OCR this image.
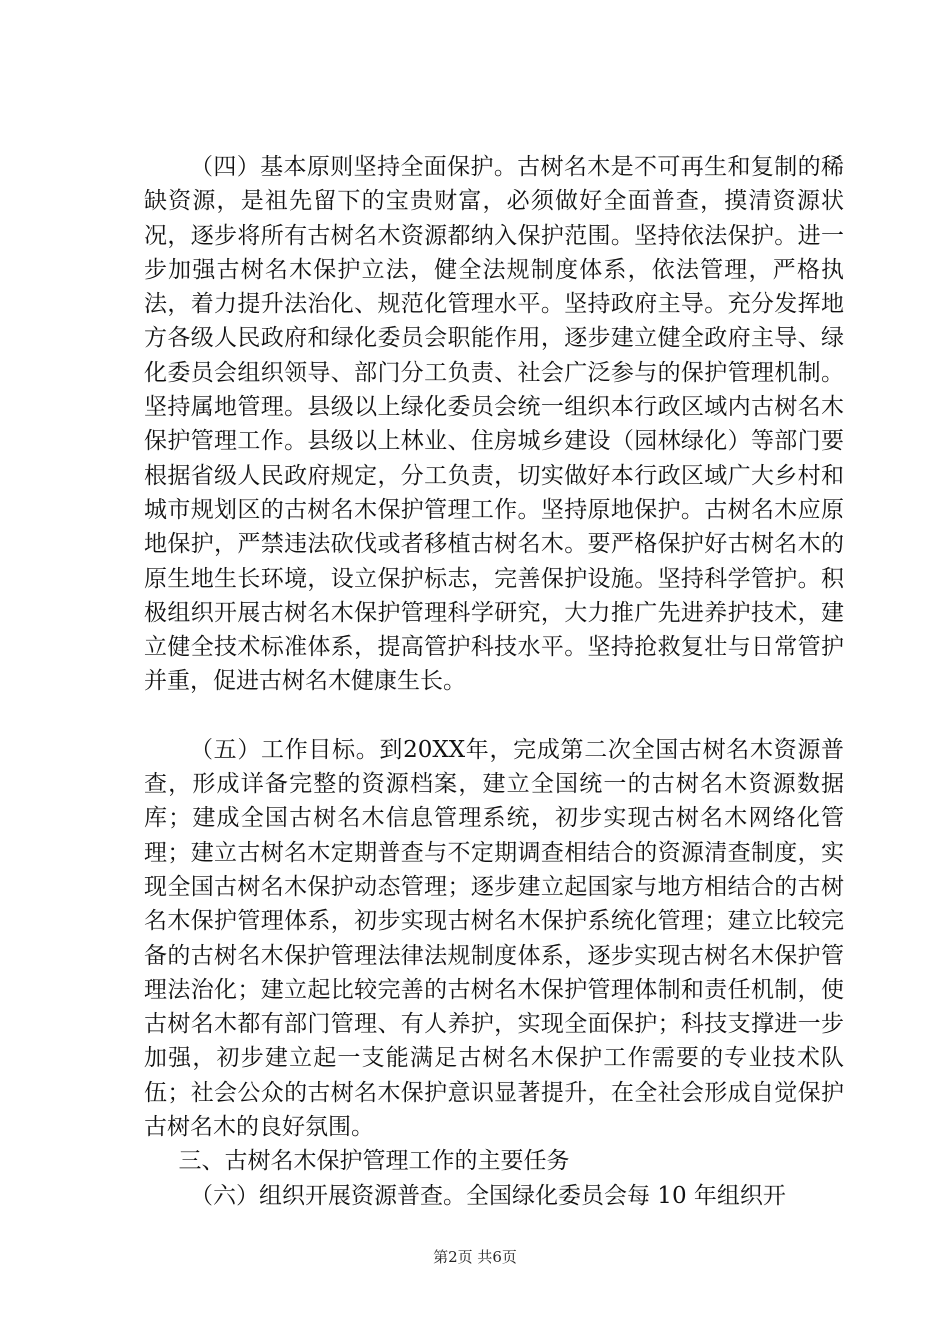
（四）基本原则坚持全面保护。古树名木是不可再生和复制的稀缺资源，是祖先留下的宝贵财富，必须做好全面普查，摸清资源状况，逐步将所有古树名木资源都纳入保护范围。坚持依法保护。进一步加强古树名木保护立法，健全法规制度体系，依法管理，严格执法，着力提升法治化、规范化管理水平。坚持政府主导。充分发挥地方各级人民政府和绿化委员会职能作用，逐步建立健全政府主导、绿化委员会组织领导、部门分工负责、社会广泛参与的保护管理机制。坚持属地管理。县级以上绿化委员会统一组织本行政区域内古树名木保护管理工作。县级以上林业、住房城乡建设（园林绿化）等部门要根据省级人民政府规定，分工负责，切实做好本行政区域广大乡村和城市规划区的古树名木保护管理工作。坚持原地保护。古树名木应原地保护，严禁违法砍伐或者移植古树名木。要严格保护好古树名木的原生地生长环境，设立保护标志，完善保护设施。坚持科学管护。积极组织开展古树名木保护管理科学研究，大力推广先进养护技术，建立健全技术标准体系，提高管护科技水平。坚持抢救复壮与日常管护并重，促进古树名木健康生长。

（五）工作目标。到20XX年，完成第二次全国古树名木资源普查，形成详备完整的资源档案，建立全国统一的古树名木资源数据库；建成全国古树名木信息管理系统，初步实现古树名木网络化管理；建立古树名木定期普查与不定期调查相结合的资源清查制度，实现全国古树名木保护动态管理；逐步建立起国家与地方相结合的古树名木保护管理体系，初步实现古树名木保护系统化管理；建立比较完备的古树名木保护管理法律法规制度体系，逐步实现古树名木保护管理法治化；建立起比较完善的古树名木保护管理体制和责任机制，使古树名木都有部门管理、有人养护，实现全面保护；科技支撑进一步加强，初步建立起一支能满足古树名木保护工作需要的专业技术队伍；社会公众的古树名木保护意识显著提升，在全社会形成自觉保护古树名木的良好氛围。

三、古树名木保护管理工作的主要任务

（六）组织开展资源普查。全国绿化委员会每 10 年组织开

第2页 共6页
